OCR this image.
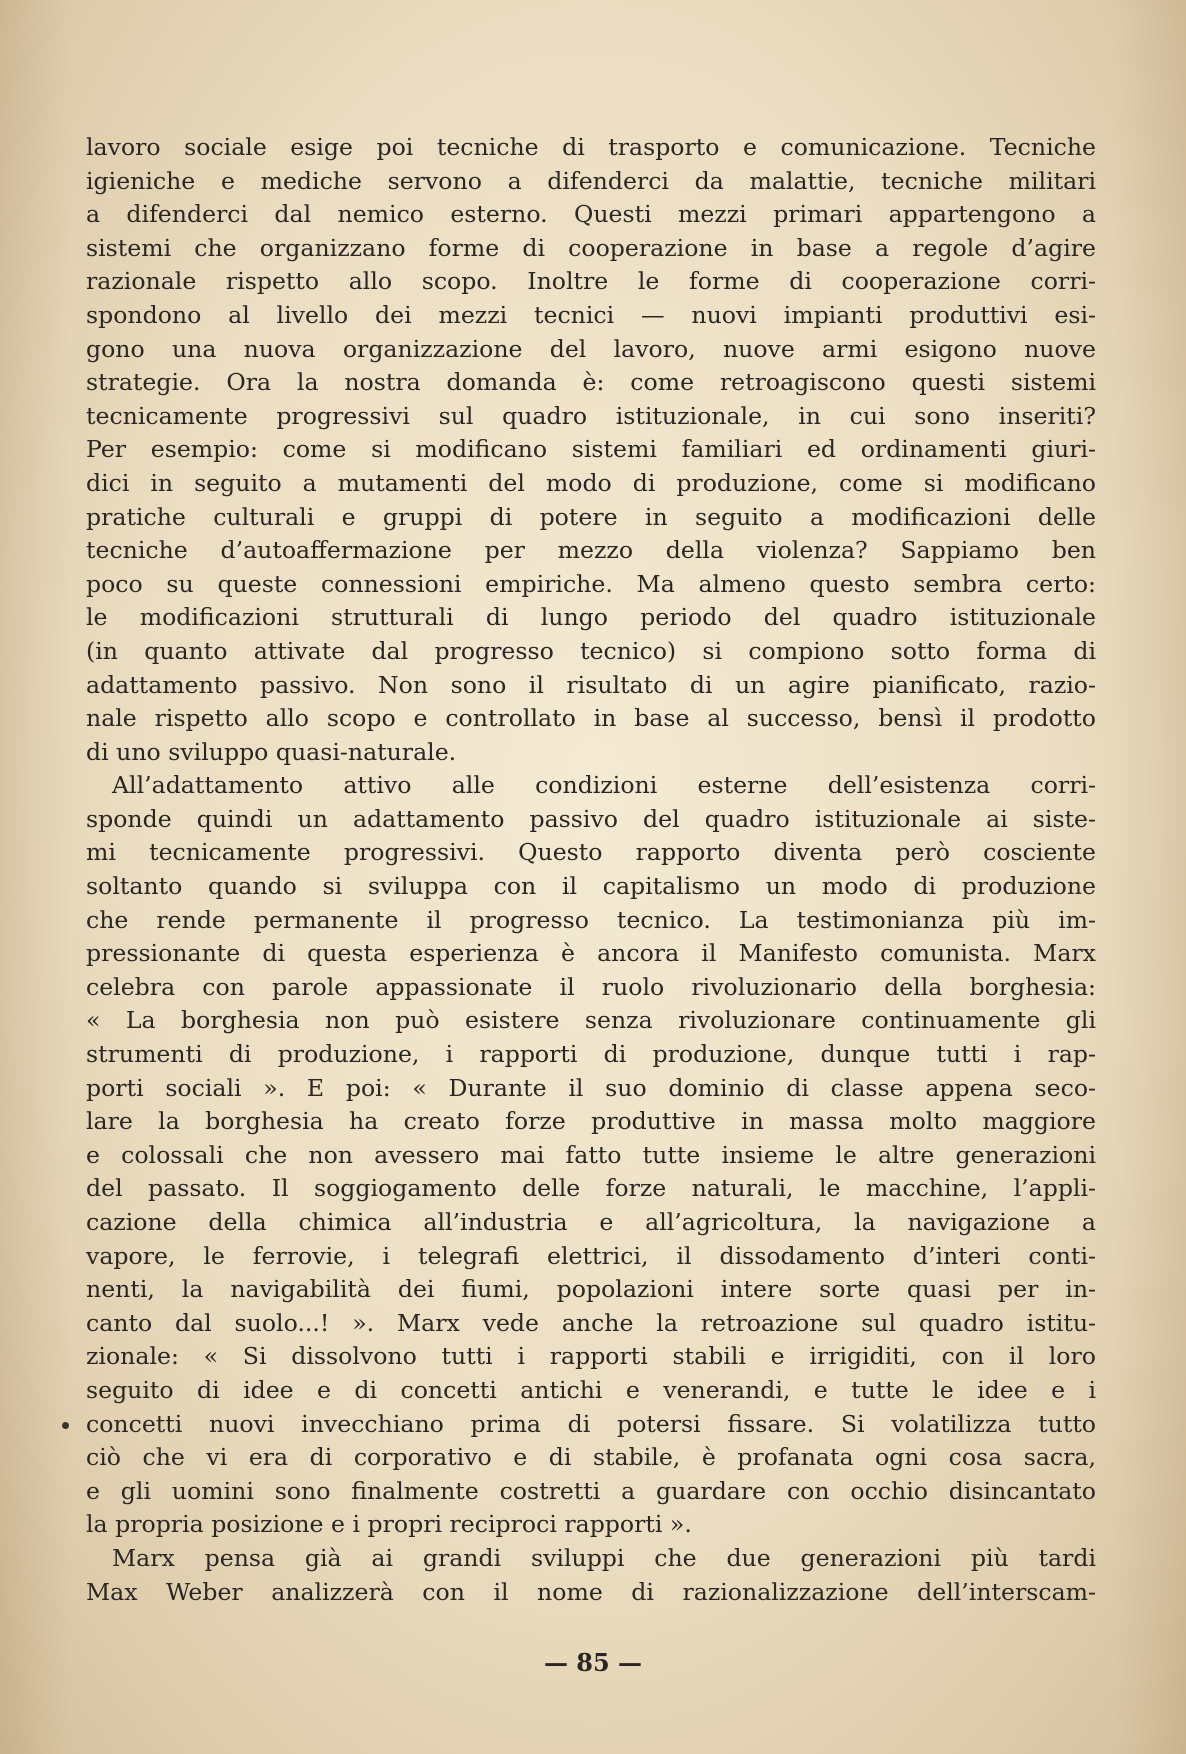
lavoro sociale esige poi tecniche di trasporto e comunicazione. Tecniche
igieniche e mediche servono a difenderci da malattie, tecniche militari
a difenderci dal nemico esterno. Questi mezzi primari appartengono a
sistemi che organizzano forme di cooperazione in base a regole d’agire
razionale rispetto allo scopo. Inoltre le forme di cooperazione corri-
spondono al livello dei mezzi tecnici — nuovi impianti produttivi esi-
gono una nuova organizzazione del lavoro, nuove armi esigono nuove
strategie. Ora la nostra domanda è: come retroagiscono questi sistemi
tecnicamente progressivi sul quadro istituzionale, in cui sono inseriti?
Per esempio: come si modificano sistemi familiari ed ordinamenti giuri-
dici in seguito a mutamenti del modo di produzione, come si modificano
pratiche culturali e gruppi di potere in seguito a modificazioni delle
tecniche d’autoaffermazione per mezzo della violenza? Sappiamo ben
poco su queste connessioni empiriche. Ma almeno questo sembra certo:
le modificazioni strutturali di lungo periodo del quadro istituzionale
(in quanto attivate dal progresso tecnico) si compiono sotto forma di
adattamento passivo. Non sono il risultato di un agire pianificato, razio-
nale rispetto allo scopo e controllato in base al successo, bensì il prodotto
di uno sviluppo quasi-naturale.
All’adattamento attivo alle condizioni esterne dell’esistenza corri-
sponde quindi un adattamento passivo del quadro istituzionale ai siste-
mi tecnicamente progressivi. Questo rapporto diventa però cosciente
soltanto quando si sviluppa con il capitalismo un modo di produzione
che rende permanente il progresso tecnico. La testimonianza più im-
pressionante di questa esperienza è ancora il Manifesto comunista. Marx
celebra con parole appassionate il ruolo rivoluzionario della borghesia:
« La borghesia non può esistere senza rivoluzionare continuamente gli
strumenti di produzione, i rapporti di produzione, dunque tutti i rap-
porti sociali ». E poi: « Durante il suo dominio di classe appena seco-
lare la borghesia ha creato forze produttive in massa molto maggiore
e colossali che non avessero mai fatto tutte insieme le altre generazioni
del passato. Il soggiogamento delle forze naturali, le macchine, l’appli-
cazione della chimica all’industria e all’agricoltura, la navigazione a
vapore, le ferrovie, i telegrafi elettrici, il dissodamento d’interi conti-
nenti, la navigabilità dei fiumi, popolazioni intere sorte quasi per in-
canto dal suolo...! ». Marx vede anche la retroazione sul quadro istitu-
zionale: « Si dissolvono tutti i rapporti stabili e irrigiditi, con il loro
seguito di idee e di concetti antichi e venerandi, e tutte le idee e i
concetti nuovi invecchiano prima di potersi fissare. Si volatilizza tutto
ciò che vi era di corporativo e di stabile, è profanata ogni cosa sacra,
e gli uomini sono finalmente costretti a guardare con occhio disincantato
la propria posizione e i propri reciproci rapporti ».
Marx pensa già ai grandi sviluppi che due generazioni più tardi
Max Weber analizzerà con il nome di razionalizzazione dell’interscam-
— 85 —
